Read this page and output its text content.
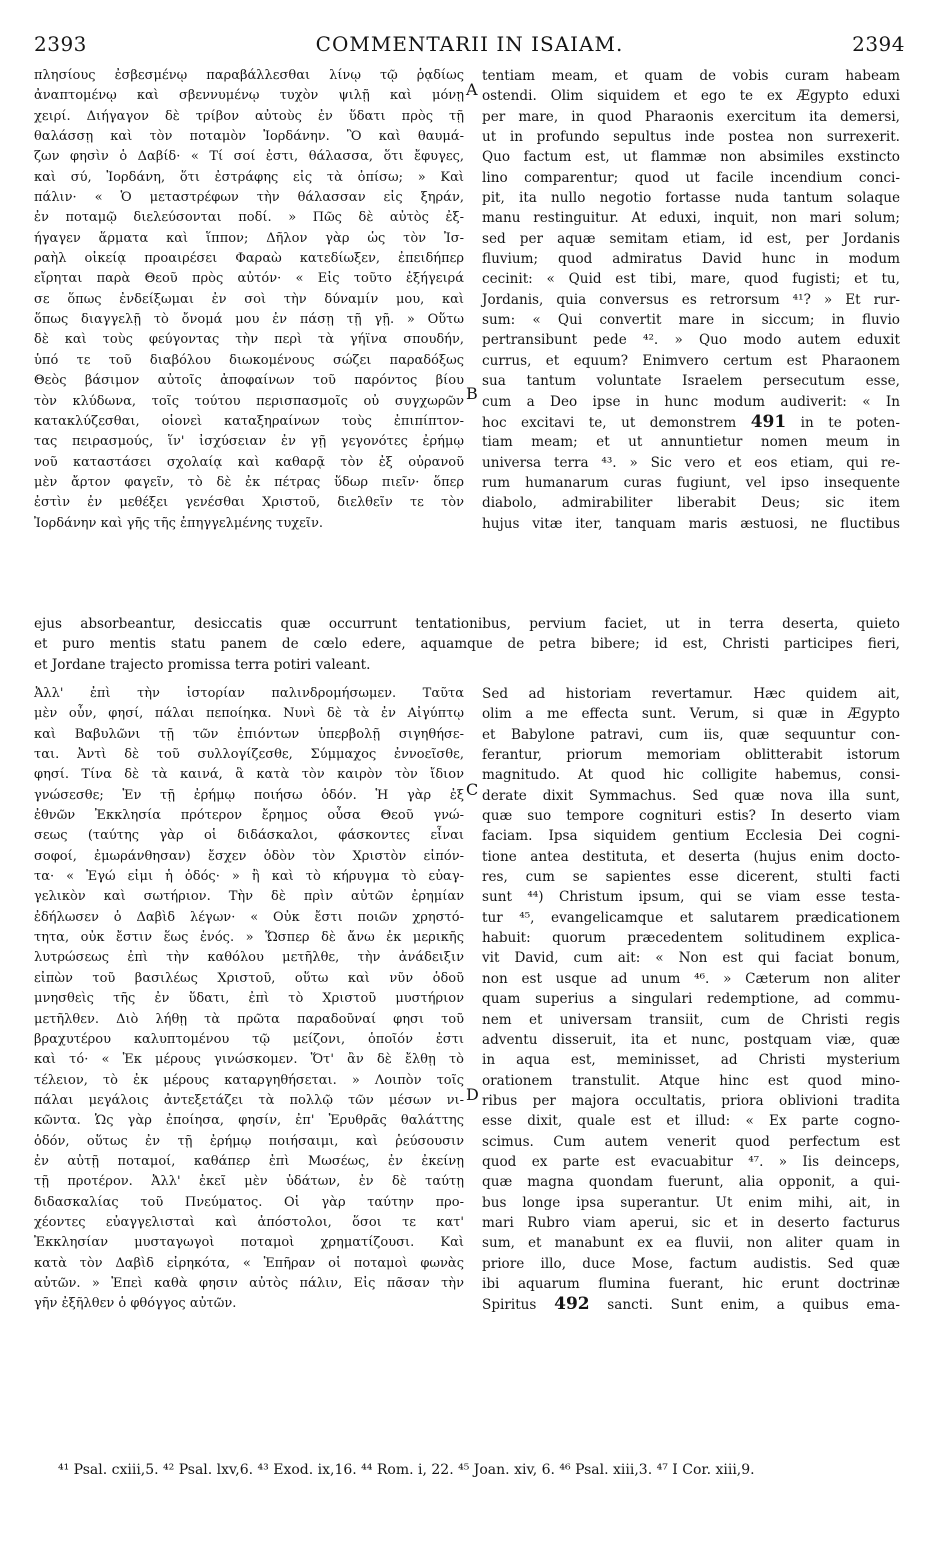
2393	COMMENTARII IN ISAIAM.	2394
πλησίους ἐσβεσμένῳ παραβάλλεσθαι λίνῳ τῷ ῥᾳδίως
ἀναπτομένῳ καὶ σβεννυμένῳ τυχὸν ψιλῇ καὶ μόνῃ
χειρί. Διήγαγον δὲ τρίβον αὐτοὺς ἐν ὕδατι πρὸς τῇ
θαλάσσῃ καὶ τὸν ποταμὸν Ἰορδάνην. Ὃ καὶ θαυμά-
ζων φησὶν ὁ Δαβίδ· « Τί σοί ἐστι, θάλασσα, ὅτι ἔφυγες,
καὶ σύ, Ἰορδάνη, ὅτι ἐστράφης εἰς τὰ ὀπίσω; » Καὶ
πάλιν· « Ὁ μεταστρέφων τὴν θάλασσαν εἰς ξηράν,
ἐν ποταμῷ διελεύσονται ποδί. » Πῶς δὲ αὐτὸς ἐξ-
ήγαγεν ἅρματα καὶ ἵππον; Δῆλον γὰρ ὡς τὸν Ἰσ-
ραὴλ οἰκείᾳ προαιρέσει Φαραὼ κατεδίωξεν, ἐπειδήπερ
εἴρηται παρὰ Θεοῦ πρὸς αὐτόν· « Εἰς τοῦτο ἐξήγειρά
σε ὅπως ἐνδείξωμαι ἐν σοὶ τὴν δύναμίν μου, καὶ
ὅπως διαγγελῇ τὸ ὄνομά μου ἐν πάσῃ τῇ γῇ. » Οὕτω
δὲ καὶ τοὺς φεύγοντας τὴν περὶ τὰ γήϊνα σπουδήν,
ὑπό τε τοῦ διαβόλου διωκομένους σώζει παραδόξως
Θεὸς βάσιμον αὐτοῖς ἀποφαίνων τοῦ παρόντος βίου
τὸν κλύδωνα, τοῖς τούτου περισπασμοῖς οὐ συγχωρῶν
κατακλύζεσθαι, οἱονεὶ καταξηραίνων τοὺς ἐπιπίπτον-
τας πειρασμούς, ἵν' ἰσχύσειαν ἐν γῇ γεγονότες ἐρήμῳ
νοῦ καταστάσει σχολαίᾳ καὶ καθαρᾷ τὸν ἐξ οὐρανοῦ
μὲν ἄρτον φαγεῖν, τὸ δὲ ἐκ πέτρας ὕδωρ πιεῖν· ὅπερ
ἐστὶν ἐν μεθέξει γενέσθαι Χριστοῦ, διελθεῖν τε τὸν
Ἰορδάνην καὶ γῆς τῆς ἐπηγγελμένης τυχεῖν.
tentiam meam, et quam de vobis curam habeam
ostendi. Olim siquidem et ego te ex Ægypto eduxi
per mare, in quod Pharaonis exercitum ita demersi,
ut in profundo sepultus inde postea non surrexerit.
Quo factum est, ut flammæ non absimiles exstincto
lino comparentur; quod ut facile incendium conci-
pit, ita nullo negotio fortasse nuda tantum solaque
manu restinguitur. At eduxi, inquit, non mari solum;
sed per aquæ semitam etiam, id est, per Jordanis
fluvium; quod admiratus David hunc in modum
cecinit: « Quid est tibi, mare, quod fugisti; et tu,
Jordanis, quia conversus es retrorsum ⁴¹? » Et rur-
sum: « Qui convertit mare in siccum; in fluvio
pertransibunt pede ⁴². » Quo modo autem eduxit
currus, et equum? Enimvero certum est Pharaonem
sua tantum voluntate Israelem persecutum esse,
cum a Deo ipse in hunc modum audiverit: « In
hoc excitavi te, ut demonstrem 491 in te poten-
tiam meam; et ut annuntietur nomen meum in
universa terra ⁴³. » Sic vero et eos etiam, qui re-
rum humanarum curas fugiunt, vel ipso insequente
diabolo, admirabiliter liberabit Deus; sic item
hujus vitæ iter, tanquam maris æstuosi, ne fluctibus
ejus absorbeantur, desiccatis quæ occurrunt tentationibus, pervium faciet, ut in terra deserta, quieto
et puro mentis statu panem de cœlo edere, aquamque de petra bibere; id est, Christi participes fieri,
et Jordane trajecto promissa terra potiri valeant.
Ἀλλ' ἐπὶ τὴν ἱστορίαν παλινδρομήσωμεν. Ταῦτα
μὲν οὖν, φησί, πάλαι πεποίηκα. Νυνὶ δὲ τὰ ἐν Αἰγύπτῳ
καὶ Βαβυλῶνι τῇ τῶν ἐπιόντων ὑπερβολῇ σιγηθήσε-
ται. Ἀντὶ δὲ τοῦ συλλογίζεσθε, Σύμμαχος ἐννοεῖσθε,
φησί. Τίνα δὲ τὰ καινά, ἃ κατὰ τὸν καιρὸν τὸν ἴδιον
γνώσεσθε; Ἐν τῇ ἐρήμῳ ποιήσω ὁδόν. Ἡ γὰρ ἐξ
ἐθνῶν Ἐκκλησία πρότερον ἔρημος οὖσα Θεοῦ γνώ-
σεως (ταύτης γὰρ οἱ διδάσκαλοι, φάσκοντες εἶναι
σοφοί, ἐμωράνθησαν) ἔσχεν ὁδὸν τὸν Χριστὸν εἰπόν-
τα· « Ἐγώ εἰμι ἡ ὁδός· » ἢ καὶ τὸ κήρυγμα τὸ εὐαγ-
γελικὸν καὶ σωτήριον. Τὴν δὲ πρὶν αὐτῶν ἐρημίαν
ἐδήλωσεν ὁ Δαβὶδ λέγων· « Οὐκ ἔστι ποιῶν χρηστό-
τητα, οὐκ ἔστιν ἕως ἑνός. » Ὥσπερ δὲ ἄνω ἐκ μερικῆς
λυτρώσεως ἐπὶ τὴν καθόλου μετῆλθε, τὴν ἀνάδειξιν
εἰπὼν τοῦ βασιλέως Χριστοῦ, οὕτω καὶ νῦν ὁδοῦ
μνησθεὶς τῆς ἐν ὕδατι, ἐπὶ τὸ Χριστοῦ μυστήριον
μετῆλθεν. Διὸ λήθῃ τὰ πρῶτα παραδοῦναί φησι τοῦ
βραχυτέρου καλυπτομένου τῷ μείζονι, ὁποῖόν ἐστι
καὶ τό· « Ἐκ μέρους γινώσκομεν. Ὅτ' ἂν δὲ ἔλθῃ τὸ
τέλειον, τὸ ἐκ μέρους καταργηθήσεται. » Λοιπὸν τοῖς
πάλαι μεγάλοις ἀντεξετάζει τὰ πολλῷ τῶν μέσων νι-
κῶντα. Ὡς γὰρ ἐποίησα, φησίν, ἐπ' Ἐρυθρᾶς θαλάττης
ὁδόν, οὕτως ἐν τῇ ἐρήμῳ ποιήσαιμι, καὶ ῥεύσουσιν
ἐν αὐτῇ ποταμοί, καθάπερ ἐπὶ Μωσέως, ἐν ἐκείνῃ
τῇ προτέρον. Ἀλλ' ἐκεῖ μὲν ὑδάτων, ἐν δὲ ταύτῃ
διδασκαλίας τοῦ Πνεύματος. Οἱ γὰρ ταύτην προ-
χέοντες εὐαγγελισταὶ καὶ ἀπόστολοι, ὅσοι τε κατ'
Ἐκκλησίαν μυσταγωγοὶ ποταμοὶ χρηματίζουσι. Καὶ
κατὰ τὸν Δαβὶδ εἰρηκότα, « Ἐπῆραν οἱ ποταμοὶ φωνὰς
αὐτῶν. » Ἐπεὶ καθὰ φησιν αὐτὸς πάλιν, Εἰς πᾶσαν τὴν
γῆν ἐξῆλθεν ὁ φθόγγος αὐτῶν.
Sed ad historiam revertamur. Hæc quidem ait,
olim a me effecta sunt. Verum, si quæ in Ægypto
et Babylone patravi, cum iis, quæ sequuntur con-
ferantur, priorum memoriam oblitterabit istorum
magnitudo. At quod hic colligite habemus, consi-
derate dixit Symmachus. Sed quæ nova illa sunt,
quæ suo tempore cognituri estis? In deserto viam
faciam. Ipsa siquidem gentium Ecclesia Dei cogni-
tione antea destituta, et deserta (hujus enim docto-
res, cum se sapientes esse dicerent, stulti facti
sunt ⁴⁴) Christum ipsum, qui se viam esse testa-
tur ⁴⁵, evangelicamque et salutarem prædicationem
habuit: quorum præcedentem solitudinem explica-
vit David, cum ait: « Non est qui faciat bonum,
non est usque ad unum ⁴⁶. » Cæterum non aliter
quam superius a singulari redemptione, ad commu-
nem et universam transiit, cum de Christi regis
adventu disseruit, ita et nunc, postquam viæ, quæ
in aqua est, meminisset, ad Christi mysterium
orationem transtulit. Atque hinc est quod mino-
ribus per majora occultatis, priora oblivioni tradita
esse dixit, quale est et illud: « Ex parte cogno-
scimus. Cum autem venerit quod perfectum est
quod ex parte est evacuabitur ⁴⁷. » Iis deinceps,
quæ magna quondam fuerunt, alia opponit, a qui-
bus longe ipsa superantur. Ut enim mihi, ait, in
mari Rubro viam aperui, sic et in deserto facturus
sum, et manabunt ex ea fluvii, non aliter quam in
priore illo, duce Mose, factum audistis. Sed quæ
ibi aquarum flumina fuerant, hic erunt doctrinæ
Spiritus 492 sancti. Sunt enim, a quibus ema-
A
B
C
D
⁴¹ Psal. cxiii,5. ⁴² Psal. lxv,6. ⁴³ Exod. ix,16. ⁴⁴ Rom. i, 22. ⁴⁵ Joan. xiv, 6. ⁴⁶ Psal. xiii,3. ⁴⁷ I Cor. xiii,9.
